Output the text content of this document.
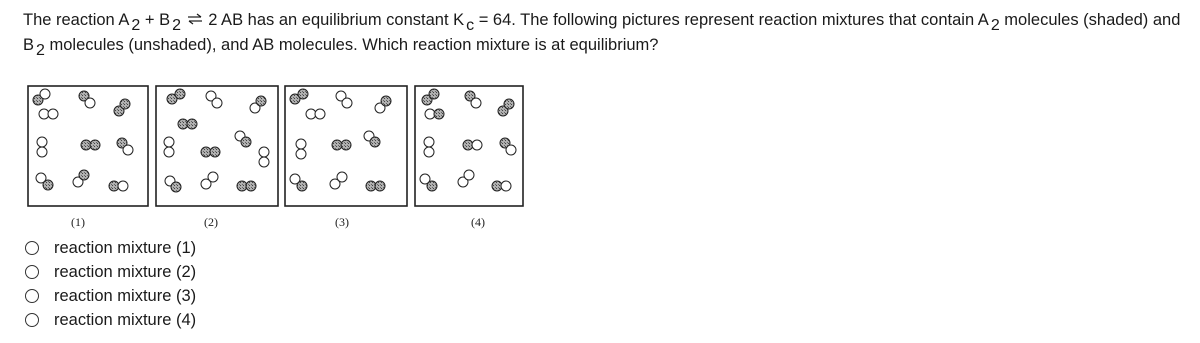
The reaction A $_2$ + B $_2$ ⇌ 2 AB has an equilibrium constant K $_c$ = 64. The following pictures represent reaction mixtures that contain A $_2$ molecules (shaded) and B $_2$ molecules (unshaded), and AB molecules. Which reaction mixture is at equilibrium?
(1)	(2)	(3)	(4)
reaction mixture (1)
reaction mixture (2)
reaction mixture (3)
reaction mixture (4)
